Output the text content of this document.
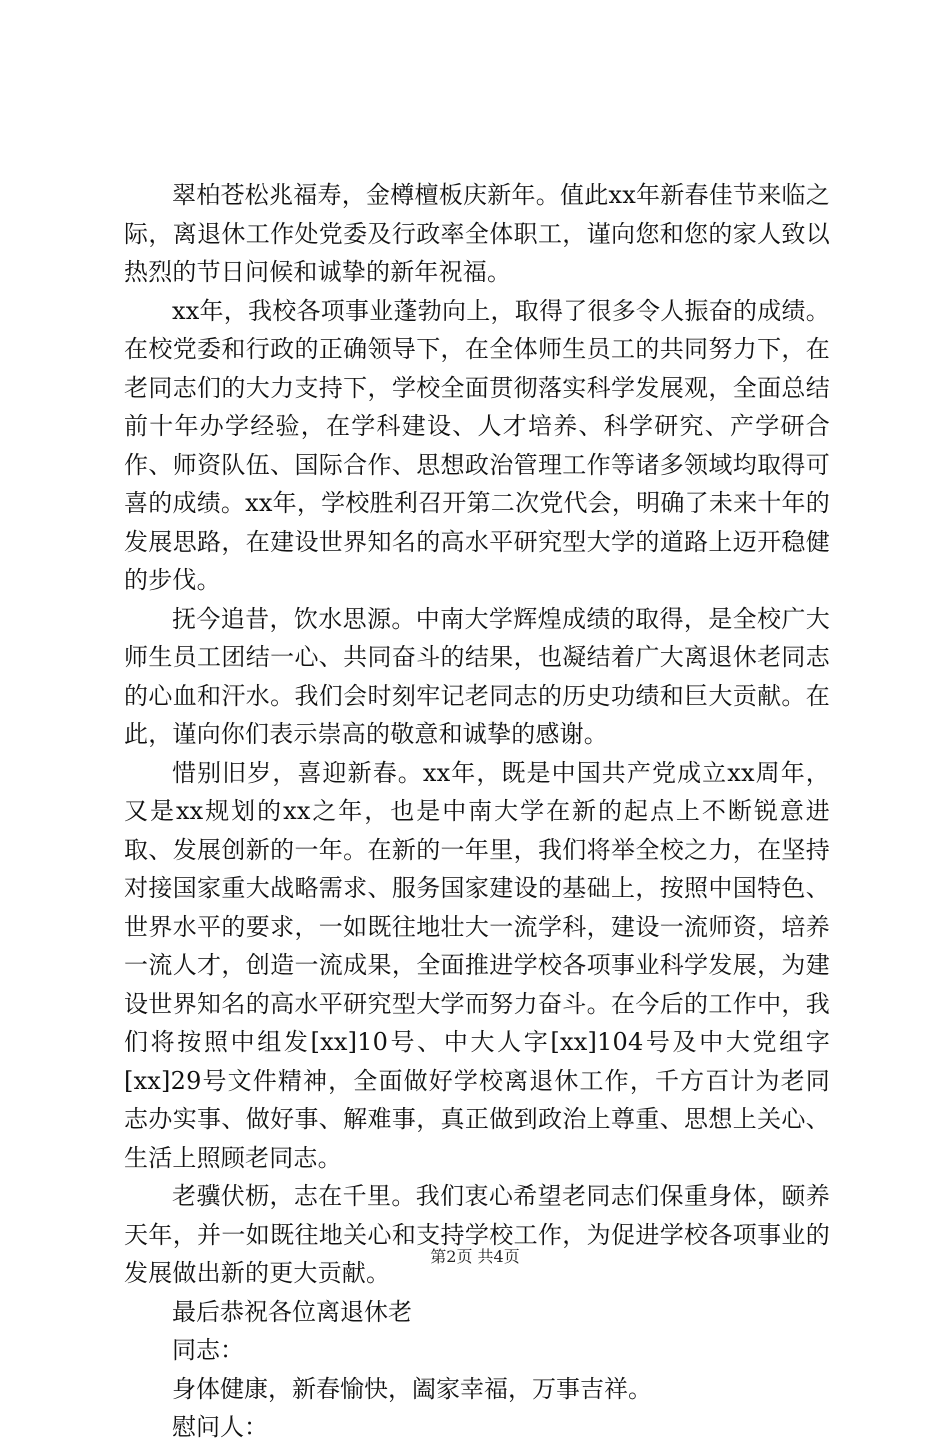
翠柏苍松兆福寿，金樽檀板庆新年。值此xx年新春佳节来临之际，离退休工作处党委及行政率全体职工，谨向您和您的家人致以热烈的节日问候和诚挚的新年祝福。

xx年，我校各项事业蓬勃向上，取得了很多令人振奋的成绩。在校党委和行政的正确领导下，在全体师生员工的共同努力下，在老同志们的大力支持下，学校全面贯彻落实科学发展观，全面总结前十年办学经验，在学科建设、人才培养、科学研究、产学研合作、师资队伍、国际合作、思想政治管理工作等诸多领域均取得可喜的成绩。xx年，学校胜利召开第二次党代会，明确了未来十年的发展思路，在建设世界知名的高水平研究型大学的道路上迈开稳健的步伐。

抚今追昔，饮水思源。中南大学辉煌成绩的取得，是全校广大师生员工团结一心、共同奋斗的结果，也凝结着广大离退休老同志的心血和汗水。我们会时刻牢记老同志的历史功绩和巨大贡献。在此，谨向你们表示崇高的敬意和诚挚的感谢。

惜别旧岁，喜迎新春。xx年，既是中国共产党成立xx周年，又是xx规划的xx之年，也是中南大学在新的起点上不断锐意进取、发展创新的一年。在新的一年里，我们将举全校之力，在坚持对接国家重大战略需求、服务国家建设的基础上，按照中国特色、世界水平的要求，一如既往地壮大一流学科，建设一流师资，培养一流人才，创造一流成果，全面推进学校各项事业科学发展，为建设世界知名的高水平研究型大学而努力奋斗。在今后的工作中，我们将按照中组发[xx]10号、中大人字[xx]104号及中大党组字[xx]29号文件精神，全面做好学校离退休工作，千方百计为老同志办实事、做好事、解难事，真正做到政治上尊重、思想上关心、生活上照顾老同志。

老骥伏枥，志在千里。我们衷心希望老同志们保重身体，颐养天年，并一如既往地关心和支持学校工作，为促进学校各项事业的发展做出新的更大贡献。

最后恭祝各位离退休老

同志：

身体健康，新春愉快，阖家幸福，万事吉祥。

慰问人：

第2页 共4页
